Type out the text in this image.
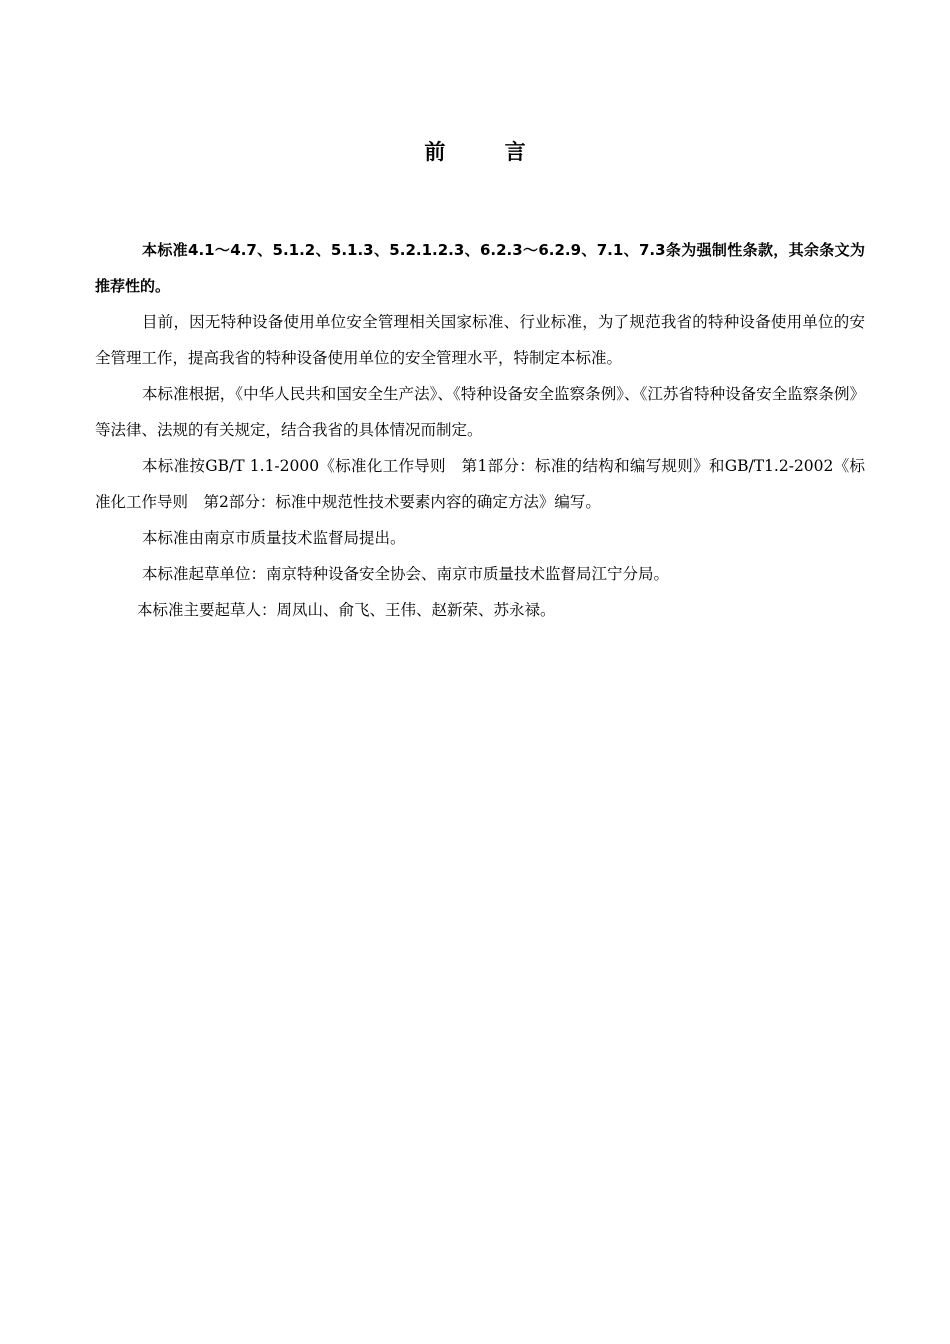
前 言

本标准4.1～4.7、5.1.2、5.1.3、5.2.1.2.3、6.2.3～6.2.9、7.1、7.3条为强制性条款，其余条文为推荐性的。

目前，因无特种设备使用单位安全管理相关国家标准、行业标准，为了规范我省的特种设备使用单位的安全管理工作，提高我省的特种设备使用单位的安全管理水平，特制定本标准。

本标准根据，《中华人民共和国安全生产法》、《特种设备安全监察条例》、《江苏省特种设备安全监察条例》等法律、法规的有关规定，结合我省的具体情况而制定。

本标准按GB/T 1.1-2000《标准化工作导则　第1部分：标准的结构和编写规则》和GB/T1.2-2002《标准化工作导则　第2部分：标准中规范性技术要素内容的确定方法》编写。

本标准由南京市质量技术监督局提出。

本标准起草单位：南京特种设备安全协会、南京市质量技术监督局江宁分局。

本标准主要起草人：周凤山、俞飞、王伟、赵新荣、苏永禄。
